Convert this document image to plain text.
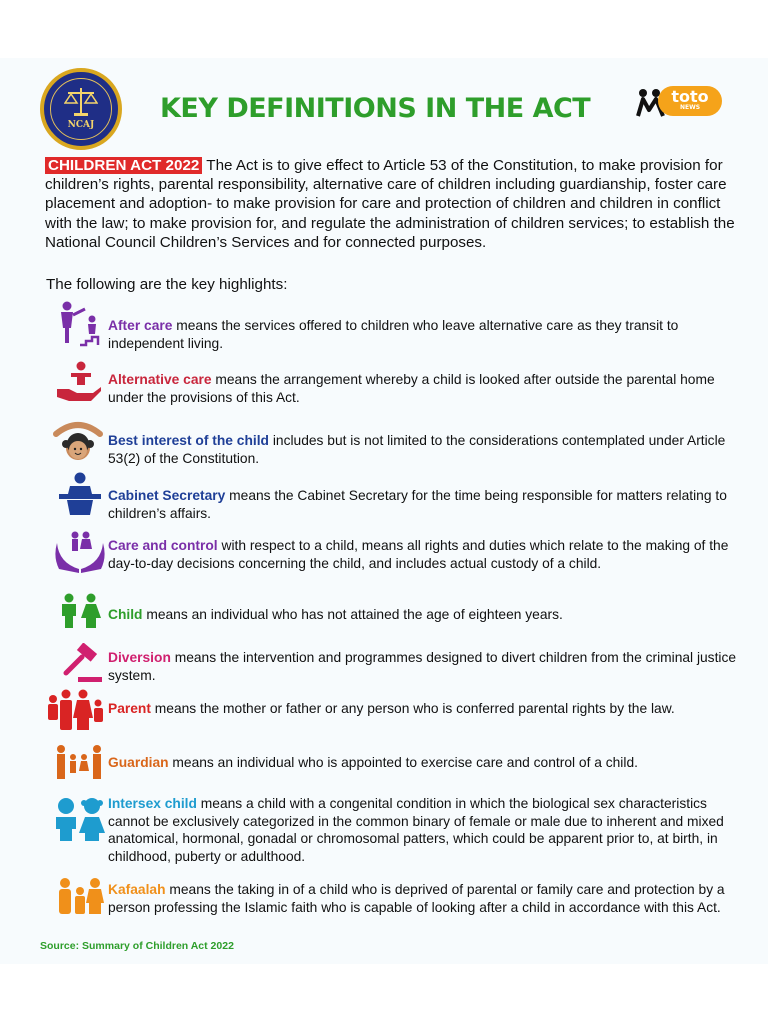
NCAJ
KEY DEFINITIONS IN THE ACT	toto
NEWS

CHILDREN ACT 2022 The Act is to give effect to Article 53 of the Constitution, to make provision for children’s rights, parental responsibility, alternative care of children including guardianship, foster care placement and adoption- to make provision for care and protection of children and children in conflict with the law; to make provision for, and regulate the administration of children services; to establish the National Council Children’s Services and for connected purposes.

The following are the key highlights:

After care means the services offered to children who leave alternative care as they transit to independent living.

Alternative care means the arrangement whereby a child is looked after outside the parental home under the provisions of this Act.

Best interest of the child includes but is not limited to the considerations contemplated under Article 53(2) of the Constitution.

Cabinet Secretary means the Cabinet Secretary for the time being responsible for matters relating to children’s affairs.

Care and control with respect to a child, means all rights and duties which relate to the making of the day-to-day decisions concerning the child, and includes actual custody of a child.

Child means an individual who has not attained the age of eighteen years.

Diversion means the intervention and programmes designed to divert children from the criminal justice system.

Parent means the mother or father or any person who is conferred parental rights by the law.

Guardian means an individual who is appointed to exercise care and control of a child.

Intersex child means a child with a congenital condition in which the biological sex characteristics cannot be exclusively categorized in the common binary of female or male due to inherent and mixed anatomical, hormonal, gonadal or chromosomal patters, which could be apparent prior to, at birth, in childhood, puberty or adulthood.

Kafaalah means the taking in of a child who is deprived of parental or family care and protection by a person professing the Islamic faith who is capable of looking after a child in accordance with this Act.

Source: Summary of Children Act 2022
